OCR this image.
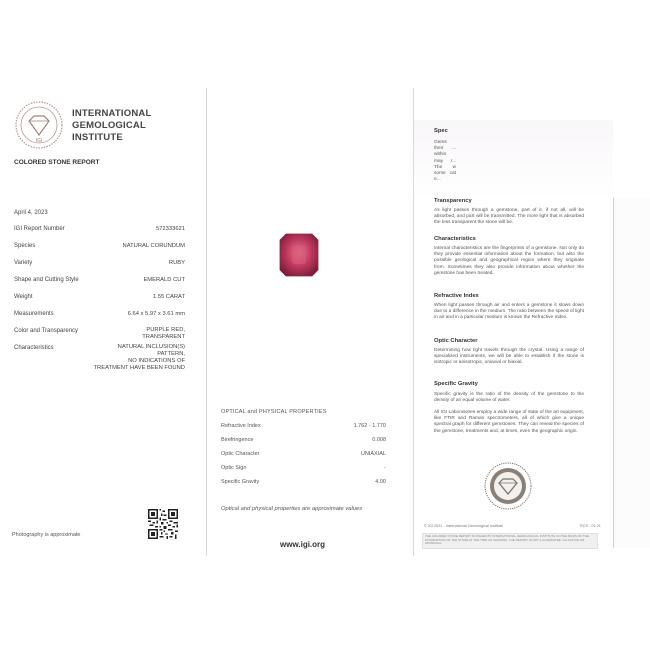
IGI
INTERNATIONAL
GEMOLOGICAL
INSTITUTE
COLORED STONE REPORT
April 4, 2023
IGI Report Number	572333621
Species	NATURAL CORUNDUM
Variety	RUBY
Shape and Cutting Style	EMERALD CUT
Weight	1.55 CARAT
Measurements	6.64 x 5.97 x 3.61 mm
Color and Transparency	PURPLE RED,
TRANSPARENT
Characteristics	NATURAL INCLUSION(S)
PATTERN,
NO INDICATIONS OF
TREATMENT HAVE BEEN FOUND
Photography is approximate
OPTICAL and PHYSICAL PROPERTIES
Refractive Index	1.762 - 1.770
Birefringence	0.008
Optic Character	UNIAXIAL
Optic Sign	-
Specific Gravity	4.00
Optical and physical properties are approximate values
www.igi.org
Spec
Gems their ... within may r... The w some cat e...
Transparency
As light passes through a gemstone, part of it, if not all, will be absorbed, and part will be transmitted. The more light that is absorbed the less transparent the stone will be.
Characteristics
Internal characteristics are the fingerprints of a gemstone. Not only do they provide essential information about the formation, but also the possible geological and geographical region where they originate from. Sometimes they also provide information about whether the gemstone has been treated.
Refractive Index
When light passes through air and enters a gemstone it slows down due to a difference in the medium. The ratio between the speed of light in air and in a particular medium is known the Refractive Index.
Optic Character
Determining how light travels through the crystal. Using a range of specialized instruments, we will be able to establish if the stone is isotropic or anisotropic, uniaxial or biaxial.
Specific Gravity
Specific gravity is the ratio of the density of the gemstone to the density of an equal volume of water.
All IGI Laboratories employ a wide range of state of the art equipment, like FTIR and Raman spectrometers, all of which give a unique spectral graph for different gemstones. They can reveal the species of the gemstone, treatments and, at times, even the geographic origin.
IGI
© IGI 2021 - International Gemological Institute	RCS - 01.21
THE COLORED STONE REPORT IS ISSUED BY INTERNATIONAL GEMOLOGICAL INSTITUTE ON THE BASIS OF THE EXAMINATION OF THE STONE AT THE TIME OF GRADING. THE REPORT IS NOT A GUARANTEE, VALUATION OR APPRAISAL.
